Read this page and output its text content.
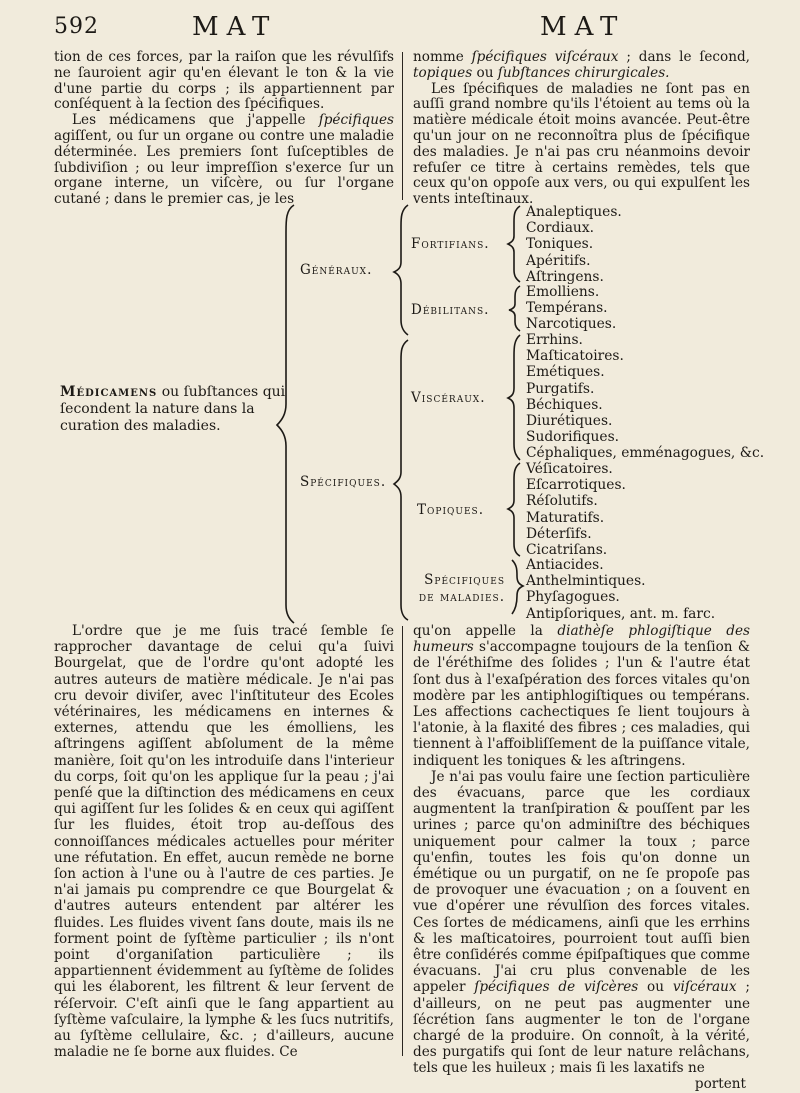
592	MAT	MAT

tion de ces forces, par la raiſon que les révulſifs ne ſauroient agir qu'en élevant le ton & la vie d'une partie du corps ; ils appartiennent par conſéquent à la ſection des ſpécifiques.

Les médicamens que j'appelle ſpécifiques agiſſent, ou ſur un organe ou contre une maladie déterminée. Les premiers ſont ſuſceptibles de ſubdiviſion ; ou leur impreſſion s'exerce ſur un organe interne, un viſcère, ou ſur l'organe cutané ; dans le premier cas, je les

nomme ſpécifiques viſcéraux ; dans le ſecond, topiques ou ſubſtances chirurgicales.

Les ſpécifiques de maladies ne ſont pas en auſſi grand nombre qu'ils l'étoient au tems où la matière médicale étoit moins avancée. Peut-être qu'un jour on ne reconnoîtra plus de ſpécifique des maladies. Je n'ai pas cru néanmoins devoir refuſer ce titre à certains remèdes, tels que ceux qu'on oppoſe aux vers, ou qui expulſent les vents inteſtinaux.

Médicamens ou ſubſtances qui ſecondent la nature dans la curation des maladies.
Généraux.
Spécifiques.
Fortifians.
Débilitans.
Viscéraux.
Topiques.
Spécifiques
de maladies.
Analeptiques.
Cordiaux.
Toniques.
Apéritifs.
Aſtringens.
Emolliens.
Tempérans.
Narcotiques.
Errhins.
Maſticatoires.
Emétiques.
Purgatifs.
Béchiques.
Diurétiques.
Sudorifiques.
Céphaliques, emménagogues, &c.
Véſicatoires.
Eſcarrotiques.
Réſolutifs.
Maturatifs.
Déterſifs.
Cicatriſans.
Antiacides.
Anthelmintiques.
Phyſagogues.
Antipſoriques, ant. m. farc.

L'ordre que je me ſuis tracé ſemble ſe rapprocher davantage de celui qu'a ſuivi Bourgelat, que de l'ordre qu'ont adopté les autres auteurs de matière médicale. Je n'ai pas cru devoir diviſer, avec l'inſtituteur des Ecoles vétérinaires, les médicamens en internes & externes, attendu que les émolliens, les aſtringens agiſſent abſolument de la même manière, ſoit qu'on les introduiſe dans l'interieur du corps, ſoit qu'on les applique ſur la peau ; j'ai penſé que la diſtinction des médicamens en ceux qui agiſſent ſur les ſolides & en ceux qui agiſſent ſur les fluides, étoit trop au-deſſous des connoiſſances médicales actuelles pour mériter une réfutation. En effet, aucun remède ne borne ſon action à l'une ou à l'autre de ces parties. Je n'ai jamais pu comprendre ce que Bourgelat & d'autres auteurs entendent par altérer les fluides. Les fluides vivent ſans doute, mais ils ne forment point de ſyſtème particulier ; ils n'ont point d'organiſation particulière ; ils appartiennent évidemment au ſyſtème de ſolides qui les élaborent, les filtrent & leur ſervent de réſervoir. C'eſt ainſi que le ſang appartient au ſyſtème vaſculaire, la lymphe & les ſucs nutritifs, au ſyſtème cellulaire, &c. ; d'ailleurs, aucune maladie ne ſe borne aux fluides. Ce

qu'on appelle la diathèſe phlogiſtique des humeurs s'accompagne toujours de la tenſion & de l'éréthiſme des ſolides ; l'un & l'autre état ſont dus à l'exaſpération des forces vitales qu'on modère par les antiphlogiſtiques ou tempérans. Les affections cachectiques ſe lient toujours à l'atonie, à la flaxité des fibres ; ces maladies, qui tiennent à l'affoibliſſement de la puiſſance vitale, indiquent les toniques & les aſtringens.

Je n'ai pas voulu faire une ſection particulière des évacuans, parce que les cordiaux augmentent la tranſpiration & pouſſent par les urines ; parce qu'on adminiſtre des béchiques uniquement pour calmer la toux ; parce qu'enfin, toutes les fois qu'on donne un émétique ou un purgatif, on ne ſe propoſe pas de provoquer une évacuation ; on a ſouvent en vue d'opérer une révulſion des forces vitales. Ces ſortes de médicamens, ainſi que les errhins & les maſticatoires, pourroient tout auſſi bien être conſidérés comme épiſpaſtiques que comme évacuans. J'ai cru plus convenable de les appeler ſpécifiques de viſcères ou viſcéraux ; d'ailleurs, on ne peut pas augmenter une ſécrétion ſans augmenter le ton de l'organe chargé de la produire. On connoît, à la vérité, des purgatifs qui ſont de leur nature relâchans, tels que les huileux ; mais ſi les laxatifs ne

portent
